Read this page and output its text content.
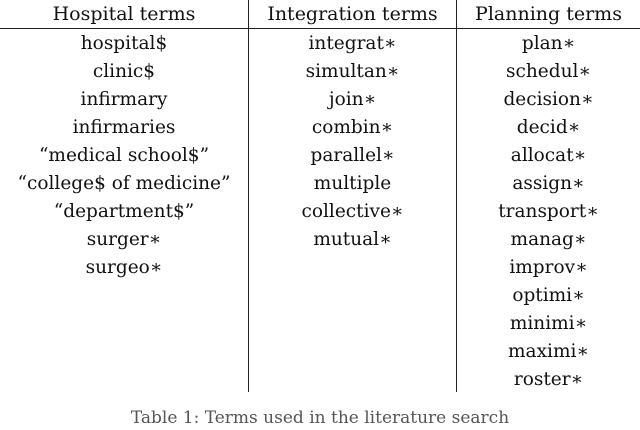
Hospital terms
hospital$
clinic$
infirmary
infirmaries
“medical school$”
“college$ of medicine”
“department$”
surger∗
surgeo∗
Integration terms
integrat∗
simultan∗
join∗
combin∗
parallel∗
multiple
collective∗
mutual∗
Planning terms
plan∗
schedul∗
decision∗
decid∗
allocat∗
assign∗
transport∗
manag∗
improv∗
optimi∗
minimi∗
maximi∗
roster∗
Table 1: Terms used in the literature search
